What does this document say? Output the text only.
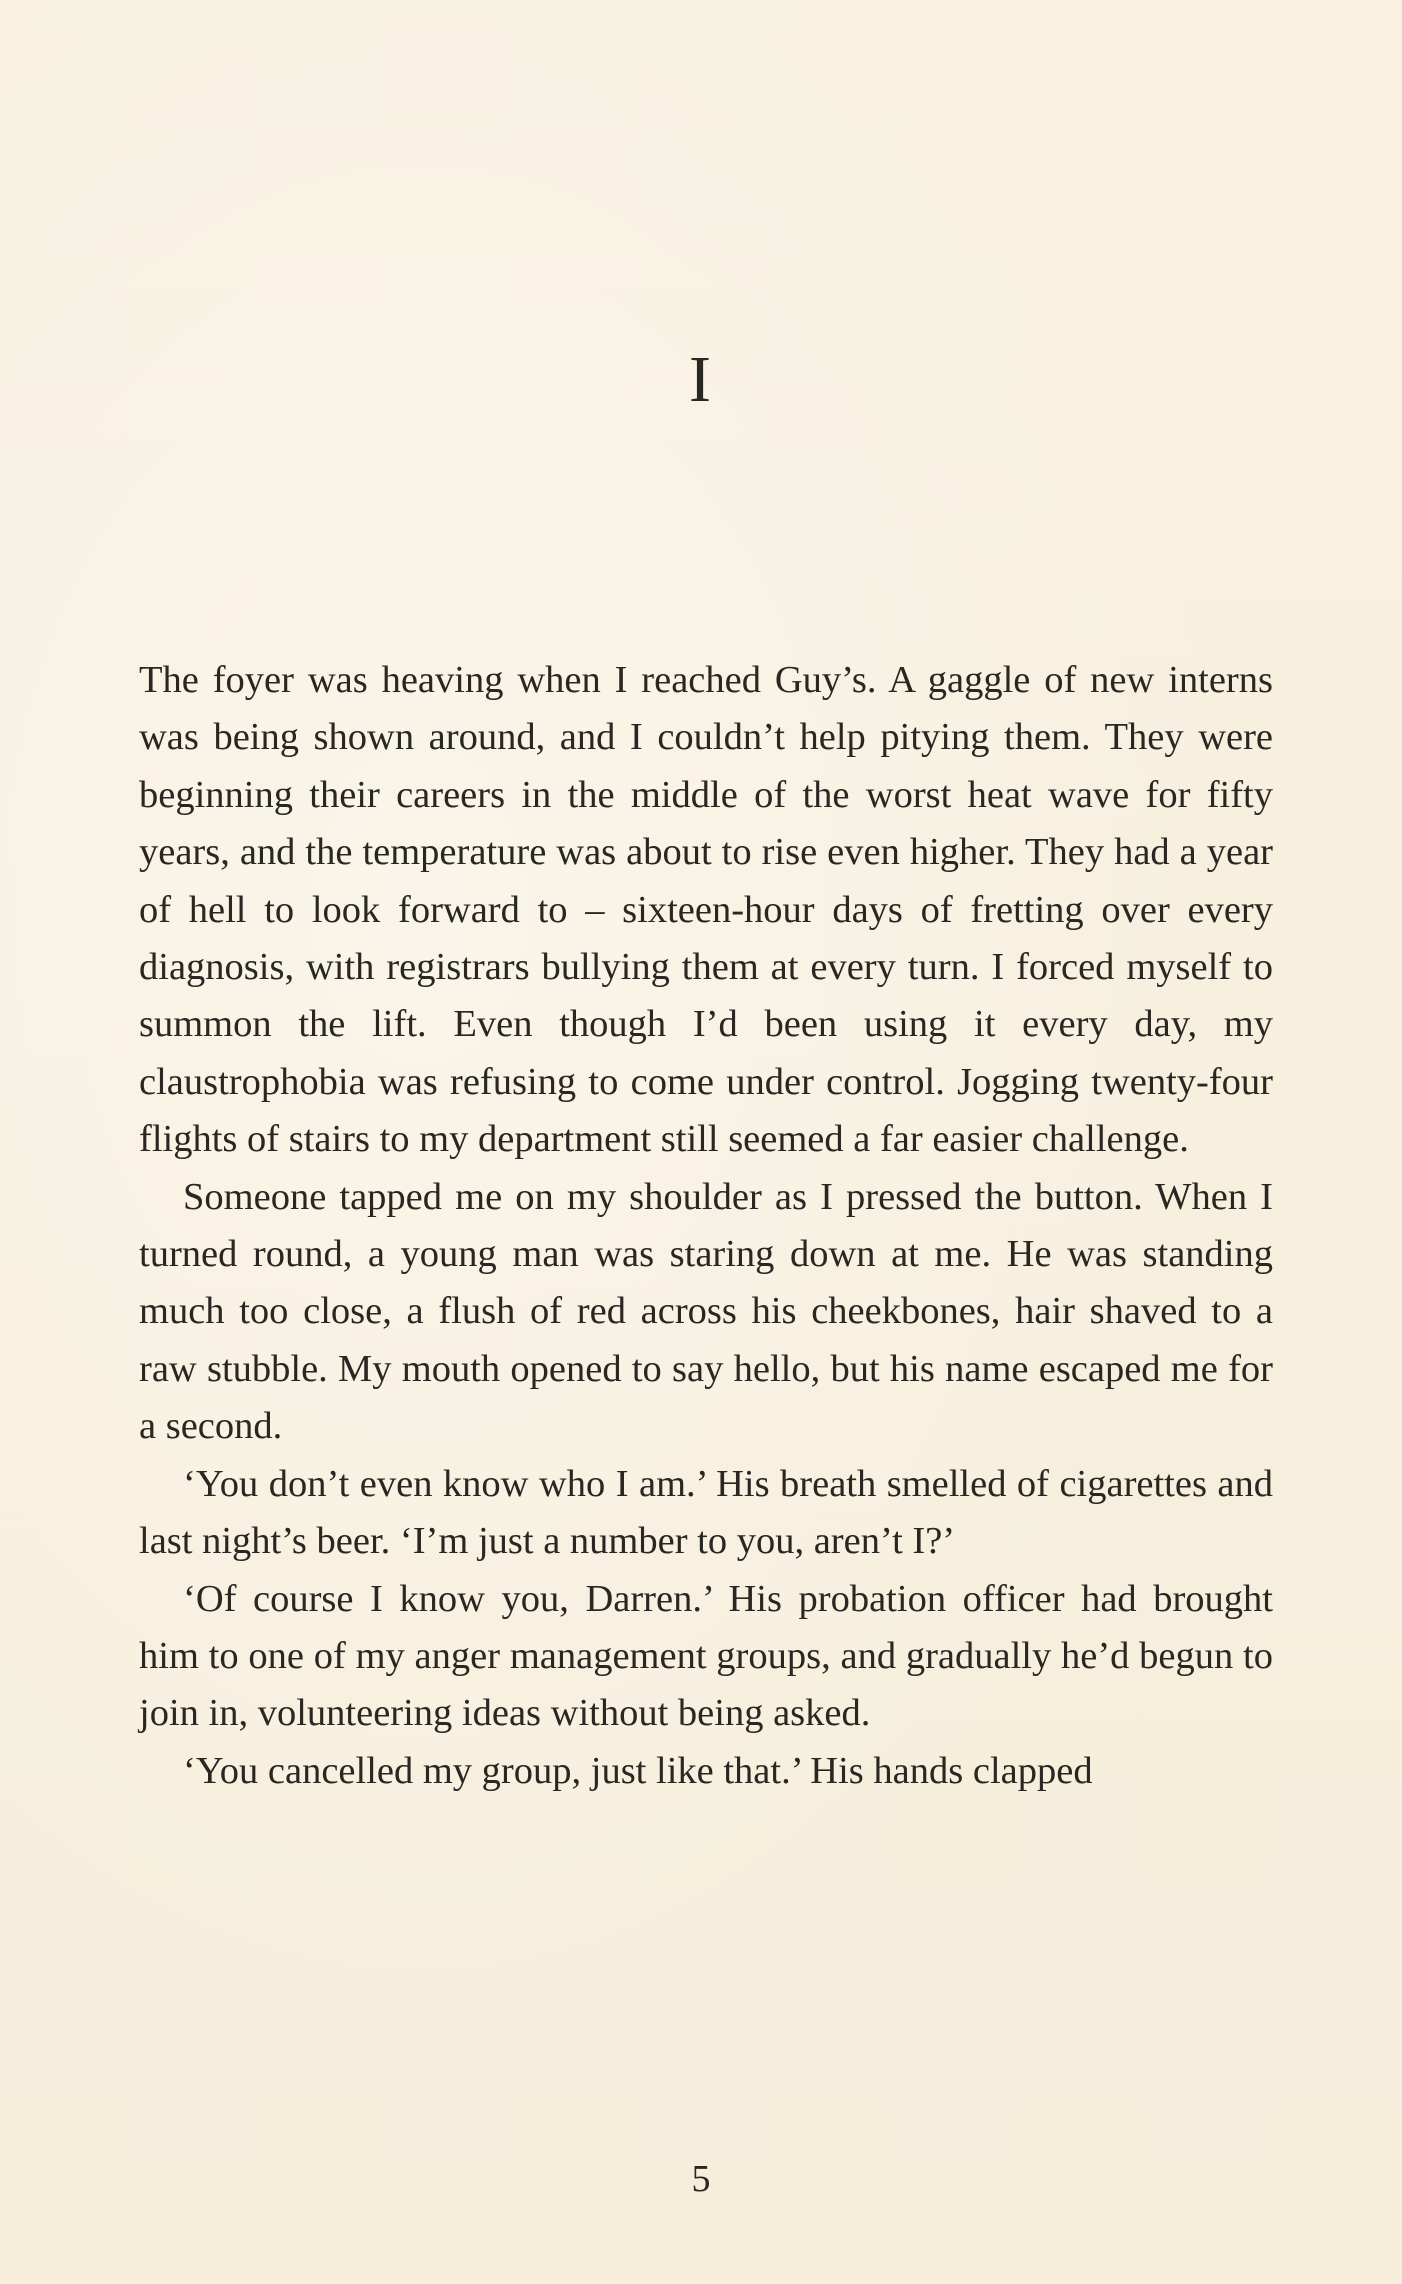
I

The foyer was heaving when I reached Guy’s. A gaggle of new interns was being shown around, and I couldn’t help pitying them. They were beginning their careers in the middle of the worst heat wave for fifty years, and the temperature was about to rise even higher. They had a year of hell to look forward to – sixteen-hour days of fretting over every diagnosis, with registrars bullying them at every turn. I forced myself to summon the lift. Even though I’d been using it every day, my claustrophobia was refusing to come under control. Jogging twenty-four flights of stairs to my department still seemed a far easier challenge.

Someone tapped me on my shoulder as I pressed the button. When I turned round, a young man was staring down at me. He was standing much too close, a flush of red across his cheekbones, hair shaved to a raw stubble. My mouth opened to say hello, but his name escaped me for a second.

‘You don’t even know who I am.’ His breath smelled of cigarettes and last night’s beer. ‘I’m just a number to you, aren’t I?’

‘Of course I know you, Darren.’ His probation officer had brought him to one of my anger management groups, and gradually he’d begun to join in, volunteering ideas without being asked.

‘You cancelled my group, just like that.’ His hands clapped

5
